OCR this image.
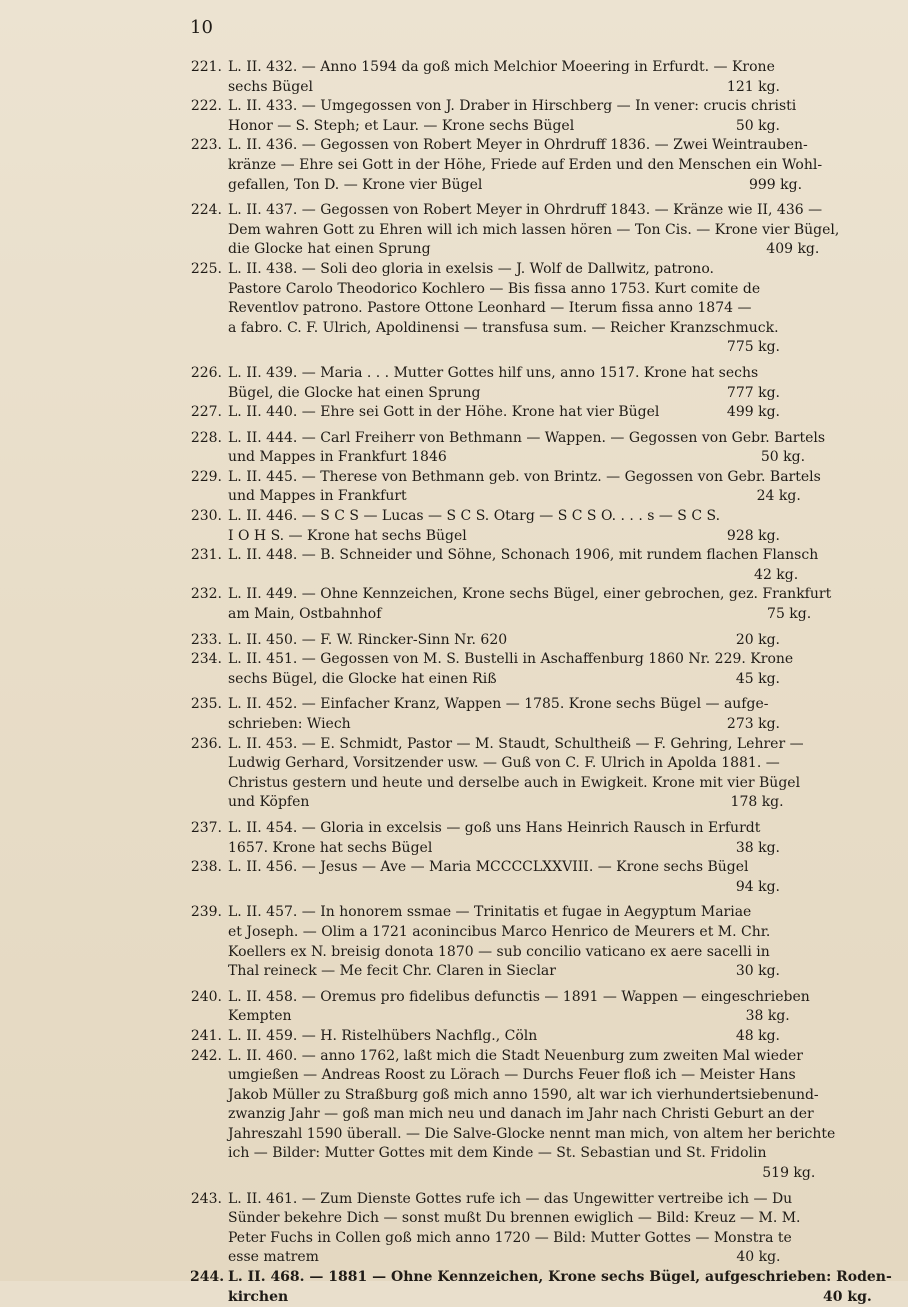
10
221. L. II. 432. — Anno 1594 da goß mich Melchior Moeering in Erfurdt. — Krone
sechs Bügel	121 kg.
222. L. II. 433. — Umgegossen von J. Draber in Hirschberg — In vener: crucis christi
Honor — S. Steph; et Laur. — Krone sechs Bügel	50 kg.
223. L. II. 436. — Gegossen von Robert Meyer in Ohrdruff 1836. — Zwei Weintrauben-
kränze — Ehre sei Gott in der Höhe, Friede auf Erden und den Menschen ein Wohl-
gefallen, Ton D. — Krone vier Bügel	999 kg.
224. L. II. 437. — Gegossen von Robert Meyer in Ohrdruff 1843. — Kränze wie II, 436 —
Dem wahren Gott zu Ehren will ich mich lassen hören — Ton Cis. — Krone vier Bügel,
die Glocke hat einen Sprung	409 kg.
225. L. II. 438. — Soli deo gloria in exelsis — J. Wolf de Dallwitz, patrono.
Pastore Carolo Theodorico Kochlero — Bis fissa anno 1753. Kurt comite de
Reventlov patrono. Pastore Ottone Leonhard — Iterum fissa anno 1874 —
a fabro. C. F. Ulrich, Apoldinensi — transfusa sum. — Reicher Kranzschmuck.
775 kg.
226. L. II. 439. — Maria . . . Mutter Gottes hilf uns, anno 1517. Krone hat sechs
Bügel, die Glocke hat einen Sprung	777 kg.
227. L. II. 440. — Ehre sei Gott in der Höhe. Krone hat vier Bügel	499 kg.
228. L. II. 444. — Carl Freiherr von Bethmann — Wappen. — Gegossen von Gebr. Bartels
und Mappes in Frankfurt 1846	50 kg.
229. L. II. 445. — Therese von Bethmann geb. von Brintz. — Gegossen von Gebr. Bartels
und Mappes in Frankfurt	24 kg.
230. L. II. 446. — S C S — Lucas — S C S. Otarg — S C S O. . . . s — S C S.
I O H S. — Krone hat sechs Bügel	928 kg.
231. L. II. 448. — B. Schneider und Söhne, Schonach 1906, mit rundem flachen Flansch
42 kg.
232. L. II. 449. — Ohne Kennzeichen, Krone sechs Bügel, einer gebrochen, gez. Frankfurt
am Main, Ostbahnhof	75 kg.
233. L. II. 450. — F. W. Rincker-Sinn Nr. 620	20 kg.
234. L. II. 451. — Gegossen von M. S. Bustelli in Aschaffenburg 1860 Nr. 229. Krone
sechs Bügel, die Glocke hat einen Riß	45 kg.
235. L. II. 452. — Einfacher Kranz, Wappen — 1785. Krone sechs Bügel — aufge-
schrieben: Wiech	273 kg.
236. L. II. 453. — E. Schmidt, Pastor — M. Staudt, Schultheiß — F. Gehring, Lehrer —
Ludwig Gerhard, Vorsitzender usw. — Guß von C. F. Ulrich in Apolda 1881. —
Christus gestern und heute und derselbe auch in Ewigkeit. Krone mit vier Bügel
und Köpfen	178 kg.
237. L. II. 454. — Gloria in excelsis — goß uns Hans Heinrich Rausch in Erfurdt
1657. Krone hat sechs Bügel	38 kg.
238. L. II. 456. — Jesus — Ave — Maria MCCCCLXXVIII. — Krone sechs Bügel
94 kg.
239. L. II. 457. — In honorem ssmae — Trinitatis et fugae in Aegyptum Mariae
et Joseph. — Olim a 1721 aconincibus Marco Henrico de Meurers et M. Chr.
Koellers ex N. breisig donota 1870 — sub concilio vaticano ex aere sacelli in
Thal reineck — Me fecit Chr. Claren in Sieclar	30 kg.
240. L. II. 458. — Oremus pro fidelibus defunctis — 1891 — Wappen — eingeschrieben
Kempten	38 kg.
241. L. II. 459. — H. Ristelhübers Nachflg., Cöln	48 kg.
242. L. II. 460. — anno 1762, laßt mich die Stadt Neuenburg zum zweiten Mal wieder
umgießen — Andreas Roost zu Lörach — Durchs Feuer floß ich — Meister Hans
Jakob Müller zu Straßburg goß mich anno 1590, alt war ich vierhundertsiebenund-
zwanzig Jahr — goß man mich neu und danach im Jahr nach Christi Geburt an der
Jahreszahl 1590 überall. — Die Salve-Glocke nennt man mich, von altem her berichte
ich — Bilder: Mutter Gottes mit dem Kinde — St. Sebastian und St. Fridolin
519 kg.
243. L. II. 461. — Zum Dienste Gottes rufe ich — das Ungewitter vertreibe ich — Du
Sünder bekehre Dich — sonst mußt Du brennen ewiglich — Bild: Kreuz — M. M.
Peter Fuchs in Collen goß mich anno 1720 — Bild: Mutter Gottes — Monstra te
esse matrem	40 kg.
244. L. II. 468. — 1881 — Ohne Kennzeichen, Krone sechs Bügel, aufgeschrieben: Roden-
kirchen	40 kg.
